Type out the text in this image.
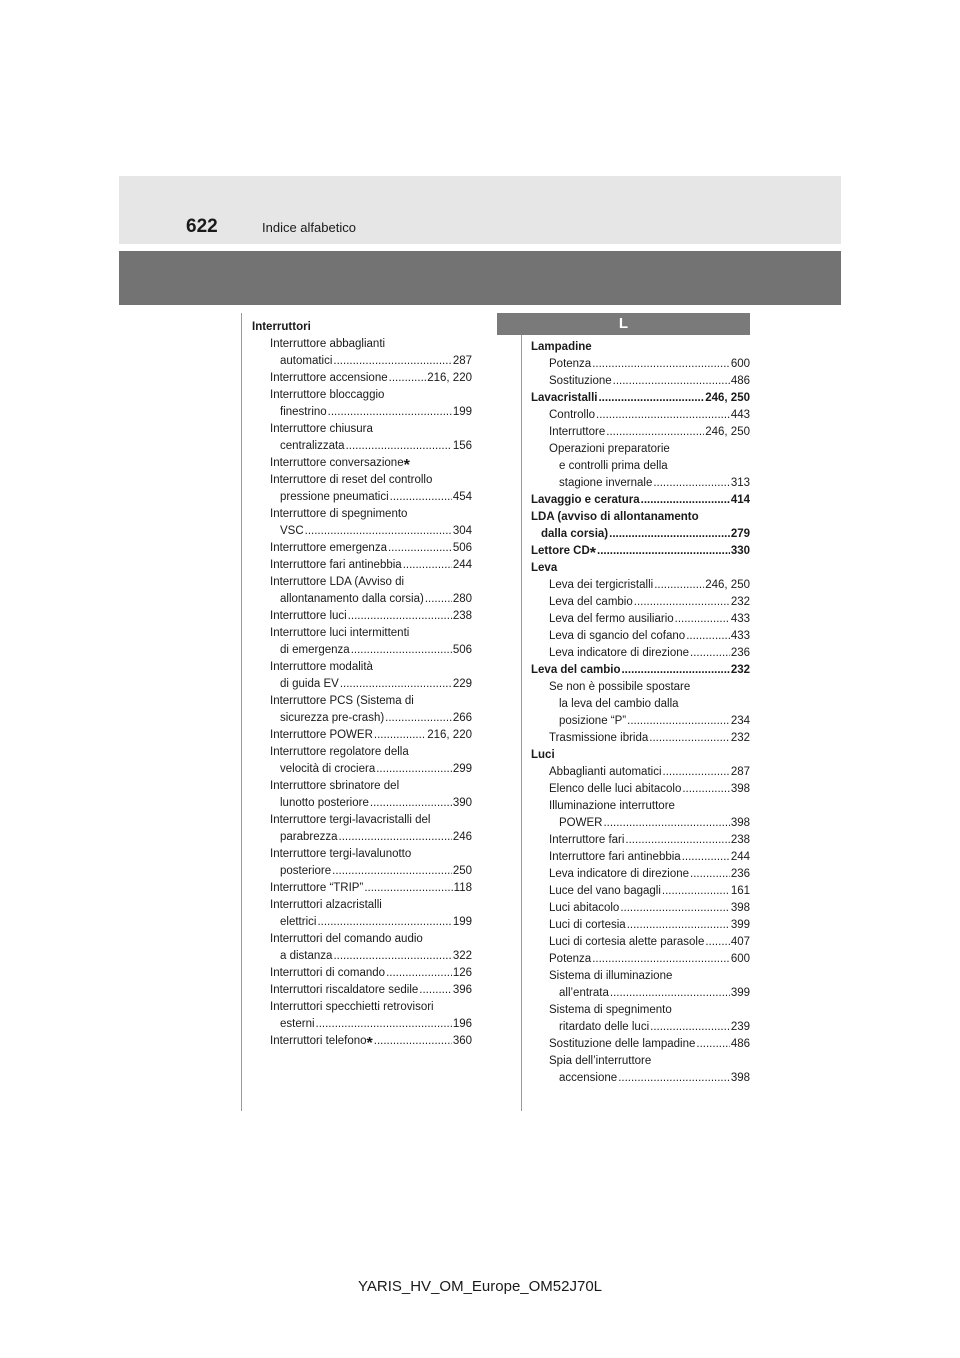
622	Indice alfabetico
L
Interruttori
Interruttore abbaglianti
automatici .....	287
Interruttore accensione .....	216, 220
Interruttore bloccaggio
finestrino .....	199
Interruttore chiusura
centralizzata .....	156
Interruttore conversazione*
Interruttore di reset del controllo
pressione pneumatici .....	454
Interruttore di spegnimento
VSC .....	304
Interruttore emergenza .....	506
Interruttore fari antinebbia .....	244
Interruttore LDA (Avviso di
allontanamento dalla corsia) .....	280
Interruttore luci .....	238
Interruttore luci intermittenti
di emergenza .....	506
Interruttore modalità
di guida EV .....	229
Interruttore PCS (Sistema di
sicurezza pre-crash) .....	266
Interruttore POWER .....	216, 220
Interruttore regolatore della
velocità di crociera .....	299
Interruttore sbrinatore del
lunotto posteriore .....	390
Interruttore tergi-lavacristalli del
parabrezza .....	246
Interruttore tergi-lavalunotto
posteriore .....	250
Interruttore “TRIP” .....	118
Interruttori alzacristalli
elettrici .....	199
Interruttori del comando audio
a distanza .....	322
Interruttori di comando .....	126
Interruttori riscaldatore sedile .....	396
Interruttori specchietti retrovisori
esterni .....	196
Interruttori telefono* .....	360
Lampadine
Potenza .....	600
Sostituzione .....	486
Lavacristalli .....	246, 250
Controllo .....	443
Interruttore .....	246, 250
Operazioni preparatorie
e controlli prima della
stagione invernale .....	313
Lavaggio e ceratura .....	414
LDA (avviso di allontanamento
dalla corsia) .....	279
Lettore CD* .....	330
Leva
Leva dei tergicristalli .....	246, 250
Leva del cambio .....	232
Leva del fermo ausiliario .....	433
Leva di sgancio del cofano .....	433
Leva indicatore di direzione .....	236
Leva del cambio .....	232
Se non è possibile spostare
la leva del cambio dalla
posizione “P” .....	234
Trasmissione ibrida .....	232
Luci
Abbaglianti automatici .....	287
Elenco delle luci abitacolo .....	398
Illuminazione interruttore
POWER .....	398
Interruttore fari .....	238
Interruttore fari antinebbia .....	244
Leva indicatore di direzione .....	236
Luce del vano bagagli .....	161
Luci abitacolo .....	398
Luci di cortesia .....	399
Luci di cortesia alette parasole ..... 407
Potenza .....	600
Sistema di illuminazione
all’entrata .....	399
Sistema di spegnimento
ritardato delle luci .....	239
Sostituzione delle lampadine .....	486
Spia dell’interruttore
accensione .....	398
YARIS_HV_OM_Europe_OM52J70L
